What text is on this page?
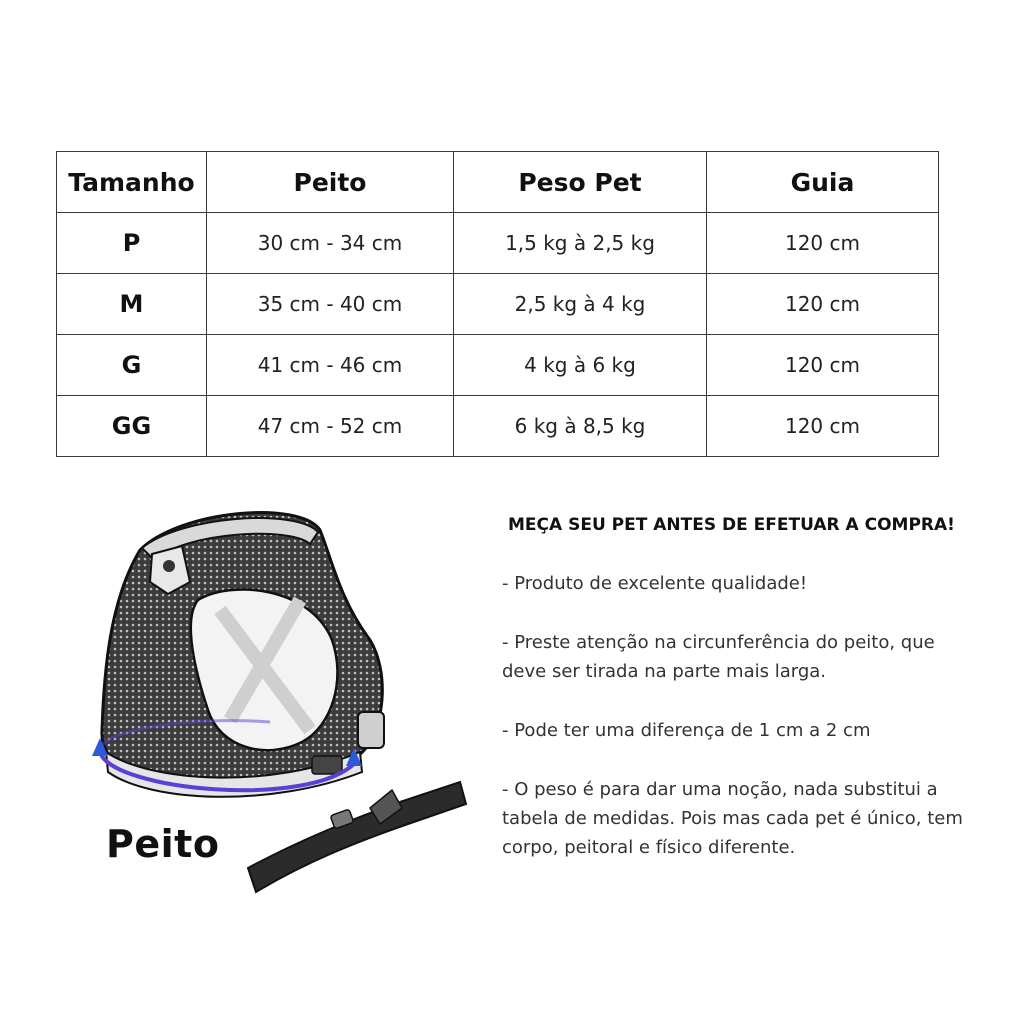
Tamanho	Peito	Peso Pet	Guia
P	30 cm - 34 cm	1,5 kg à 2,5 kg	120 cm
M	35 cm - 40 cm	2,5 kg à 4 kg	120 cm
G	41 cm - 46 cm	4 kg à 6 kg	120 cm
GG	47 cm - 52 cm	6 kg à 8,5 kg	120 cm
Peito
MEÇA SEU PET ANTES DE EFETUAR A COMPRA!

- Produto de excelente qualidade!

- Preste atenção na circunferência do peito, que deve ser tirada na parte mais larga.

- Pode ter uma diferença de 1 cm a 2 cm

- O peso é para dar uma noção, nada substitui a tabela de medidas. Pois mas cada pet é único, tem corpo, peitoral e físico diferente.
